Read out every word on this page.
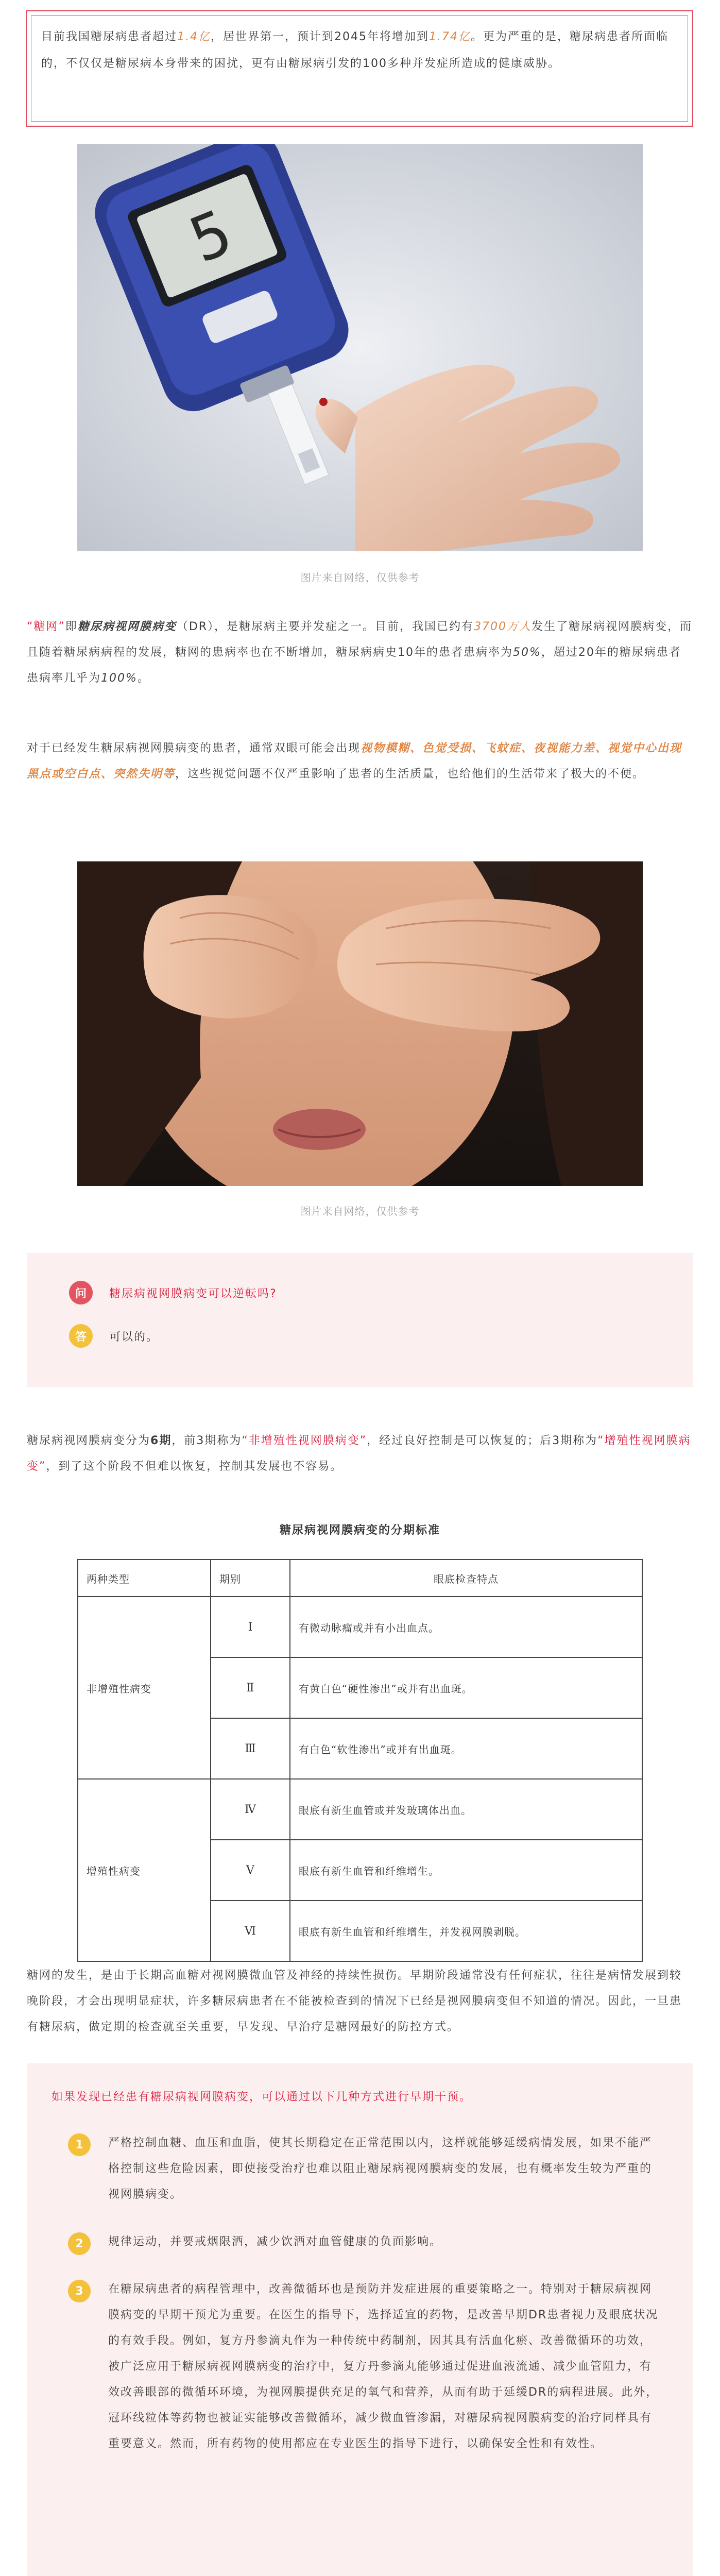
目前我国糖尿病患者超过1.4亿，居世界第一，预计到2045年将增加到1.74亿。更为严重的是，糖尿病患者所面临的，不仅仅是糖尿病本身带来的困扰，更有由糖尿病引发的100多种并发症所造成的健康威胁。

5
图片来自网络，仅供参考

“糖网”即糖尿病视网膜病变（DR），是糖尿病主要并发症之一。目前，我国已约有3700万人发生了糖尿病视网膜病变，而且随着糖尿病病程的发展，糖网的患病率也在不断增加，糖尿病病史10年的患者患病率为50%，超过20年的糖尿病患者患病率几乎为100%。

对于已经发生糖尿病视网膜病变的患者，通常双眼可能会出现视物模糊、色觉受损、飞蚊症、夜视能力差、视觉中心出现黑点或空白点、突然失明等，这些视觉问题不仅严重影响了患者的生活质量，也给他们的生活带来了极大的不便。

图片来自网络，仅供参考
问	糖尿病视网膜病变可以逆転吗?
答	可以的。

糖尿病视网膜病变分为6期，前3期称为“非增殖性视网膜病变”，经过良好控制是可以恢复的；后3期称为“增殖性视网膜病变”，到了这个阶段不但难以恢复，控制其发展也不容易。

糖尿病视网膜病变的分期标准
两种类型	期别	眼底检查特点
非增殖性病变	Ⅰ	有微动脉瘤或并有小出血点。
	Ⅱ	有黄白色“硬性渗出”或并有出血斑。
	Ⅲ	有白色“软性渗出”或并有出血斑。
增殖性病变	Ⅳ	眼底有新生血管或并发玻璃体出血。
	Ⅴ	眼底有新生血管和纤维增生。
	Ⅵ	眼底有新生血管和纤维增生，并发视网膜剥脱。

糖网的发生，是由于长期高血糖对视网膜微血管及神经的持续性损伤。早期阶段通常没有任何症状，往往是病情发展到较晚阶段，才会出现明显症状，许多糖尿病患者在不能被检查到的情况下已经是视网膜病变但不知道的情况。因此，一旦患有糖尿病，做定期的检查就至关重要，早发现、早治疗是糖网最好的防控方式。

如果发现已经患有糖尿病视网膜病变，可以通过以下几种方式进行早期干预。
1	严格控制血糖、血压和血脂，使其长期稳定在正常范围以内，这样就能够延缓病情发展，如果不能严格控制这些危险因素，即使接受治疗也难以阻止糖尿病视网膜病变的发展，也有概率发生较为严重的视网膜病变。

2	规律运动，并要戒烟限酒，减少饮酒对血管健康的负面影响。

3	在糖尿病患者的病程管理中，改善微循环也是预防并发症进展的重要策略之一。特别对于糖尿病视网膜病变的早期干预尤为重要。在医生的指导下，选择适宜的药物，是改善早期DR患者视力及眼底状况的有效手段。例如，复方丹参滴丸作为一种传统中药制剂，因其具有活血化瘀、改善微循环的功效，被广泛应用于糖尿病视网膜病变的治疗中，复方丹参滴丸能够通过促进血液流通、减少血管阻力，有效改善眼部的微循环环境，为视网膜提供充足的氧气和营养，从而有助于延缓DR的病程进展。此外，冠环线粒体等药物也被证实能够改善微循环，减少微血管渗漏，对糖尿病视网膜病变的治疗同样具有重要意义。然而，所有药物的使用都应在专业医生的指导下进行，以确保安全性和有效性。
